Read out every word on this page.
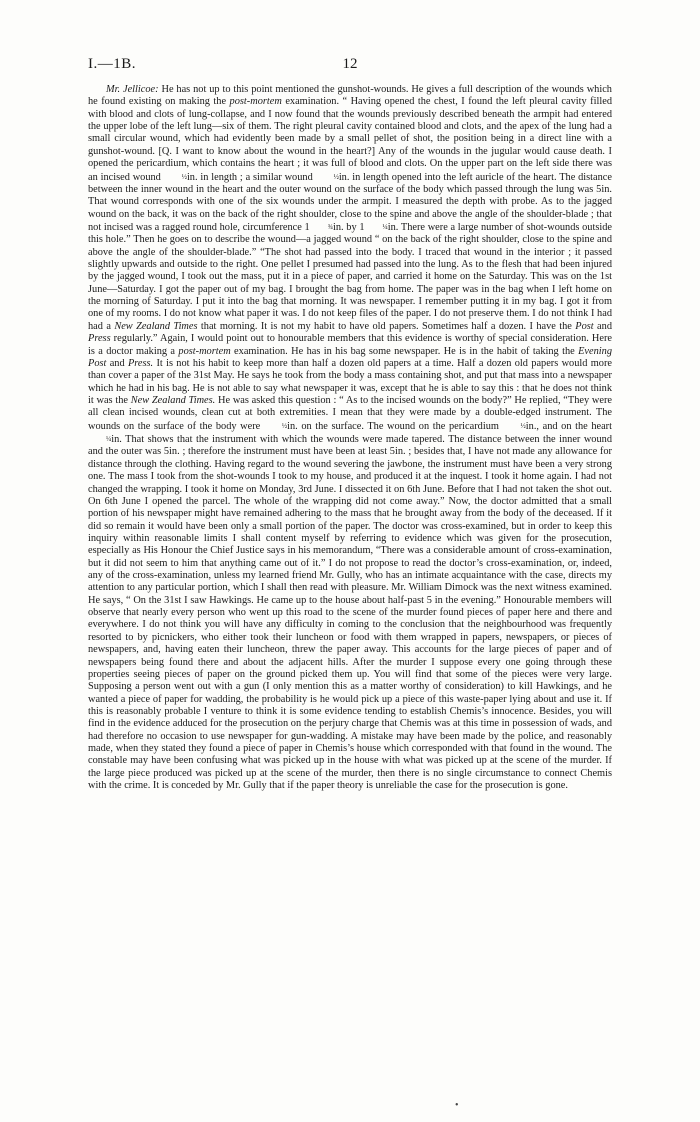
I.—1B.	12

Mr. Jellicoe: He has not up to this point mentioned the gunshot-wounds. He gives a full description of the wounds which he found existing on making the post-mortem examination. “ Having opened the chest, I found the left pleural cavity filled with blood and clots of lung-collapse, and I now found that the wounds previously described beneath the armpit had entered the upper lobe of the left lung—six of them. The right pleural cavity contained blood and clots, and the apex of the lung had a small circular wound, which had evidently been made by a small pellet of shot, the position being in a direct line with a gunshot-wound. [Q. I want to know about the wound in the heart?] Any of the wounds in the jugular would cause death. I opened the pericardium, which contains the heart ; it was full of blood and clots. On the upper part on the left side there was an incised wound	½in. in length ; a similar wound	½in. in length opened into the left auricle of the heart. The distance between the inner wound in the heart and the outer wound on the surface of the body which passed through the lung was 5in. That wound corresponds with one of the six wounds under the armpit. I measured the depth with probe. As to the jagged wound on the back, it was on the back of the right shoulder, close to the spine and above the angle of the shoulder-blade ; that not incised was a ragged round hole, circumference 1	¾in. by 1	¼in. There were a large number of shot-wounds outside this hole.” Then he goes on to describe the wound—a jagged wound “ on the back of the right shoulder, close to the spine and above the angle of the shoulder-blade.” “The shot had passed into the body. I traced that wound in the interior ; it passed slightly upwards and outside to the right. One pellet I presumed had passed into the lung. As to the flesh that had been injured by the jagged wound, I took out the mass, put it in a piece of paper, and carried it home on the Saturday. This was on the 1st June—Saturday. I got the paper out of my bag. I brought the bag from home. The paper was in the bag when I left home on the morning of Saturday. I put it into the bag that morning. It was newspaper. I remember putting it in my bag. I got it from one of my rooms. I do not know what paper it was. I do not keep files of the paper. I do not preserve them. I do not think I had had a New Zealand Times that morning. It is not my habit to have old papers. Sometimes half a dozen. I have the Post and Press regularly.” Again, I would point out to honourable members that this evidence is worthy of special consideration. Here is a doctor making a post-mortem examination. He has in his bag some newspaper. He is in the habit of taking the Evening Post and Press. It is not his habit to keep more than half a dozen old papers at a time. Half a dozen old papers would more than cover a paper of the 31st May. He says he took from the body a mass containing shot, and put that mass into a newspaper which he had in his bag. He is not able to say what newspaper it was, except that he is able to say this : that he does not think it was the New Zealand Times. He was asked this question : “ As to the incised wounds on the body?” He replied, “They were all clean incised wounds, clean cut at both extremities. I mean that they were made by a double-edged instrument. The wounds on the surface of the body were	½in. on the surface. The wound on the pericardium	½in., and on the heart ¼in. That shows that the instrument with which the wounds were made tapered. The distance between the inner wound and the outer was 5in. ; therefore the instrument must have been at least 5in. ; besides that, I have not made any allowance for distance through the clothing. Having regard to the wound severing the jawbone, the instrument must have been a very strong one. The mass I took from the shot-wounds I took to my house, and produced it at the inquest. I took it home again. I had not changed the wrapping. I took it home on Monday, 3rd June. I dissected it on 6th June. Before that I had not taken the shot out. On 6th June I opened the parcel. The whole of the wrapping did not come away.” Now, the doctor admitted that a small portion of his newspaper might have remained adhering to the mass that he brought away from the body of the deceased. If it did so remain it would have been only a small portion of the paper. The doctor was cross-examined, but in order to keep this inquiry within reasonable limits I shall content myself by referring to evidence which was given for the prosecution, especially as His Honour the Chief Justice says in his memorandum, “There was a considerable amount of cross-examination, but it did not seem to him that anything came out of it.” I do not propose to read the doctor’s cross-examination, or, indeed, any of the cross-examination, unless my learned friend Mr. Gully, who has an intimate acquaintance with the case, directs my attention to any particular portion, which I shall then read with pleasure. Mr. William Dimock was the next witness examined. He says, “ On the 31st I saw Hawkings. He came up to the house about half-past 5 in the evening.” Honourable members will observe that nearly every person who went up this road to the scene of the murder found pieces of paper here and there and everywhere. I do not think you will have any difficulty in coming to the conclusion that the neighbourhood was frequently resorted to by picnickers, who either took their luncheon or food with them wrapped in papers, newspapers, or pieces of newspapers, and, having eaten their luncheon, threw the paper away. This accounts for the large pieces of paper and of newspapers being found there and about the adjacent hills. After the murder I suppose every one going through these properties seeing pieces of paper on the ground picked them up. You will find that some of the pieces were very large. Supposing a person went out with a gun (I only mention this as a matter worthy of consideration) to kill Hawkings, and he wanted a piece of paper for wadding, the probability is he would pick up a piece of this waste-paper lying about and use it. If this is reasonably probable I venture to think it is some evidence tending to establish Chemis’s innocence. Besides, you will find in the evidence adduced for the prosecution on the perjury charge that Chemis was at this time in possession of wads, and had therefore no occasion to use newspaper for gun-wadding. A mistake may have been made by the police, and reasonably made, when they stated they found a piece of paper in Chemis’s house which corresponded with that found in the wound. The constable may have been confusing what was picked up in the house with what was picked up at the scene of the murder. If the large piece produced was picked up at the scene of the murder, then there is no single circumstance to connect Chemis with the crime. It is conceded by Mr. Gully that if the paper theory is unreliable the case for the prosecution is gone.

•
